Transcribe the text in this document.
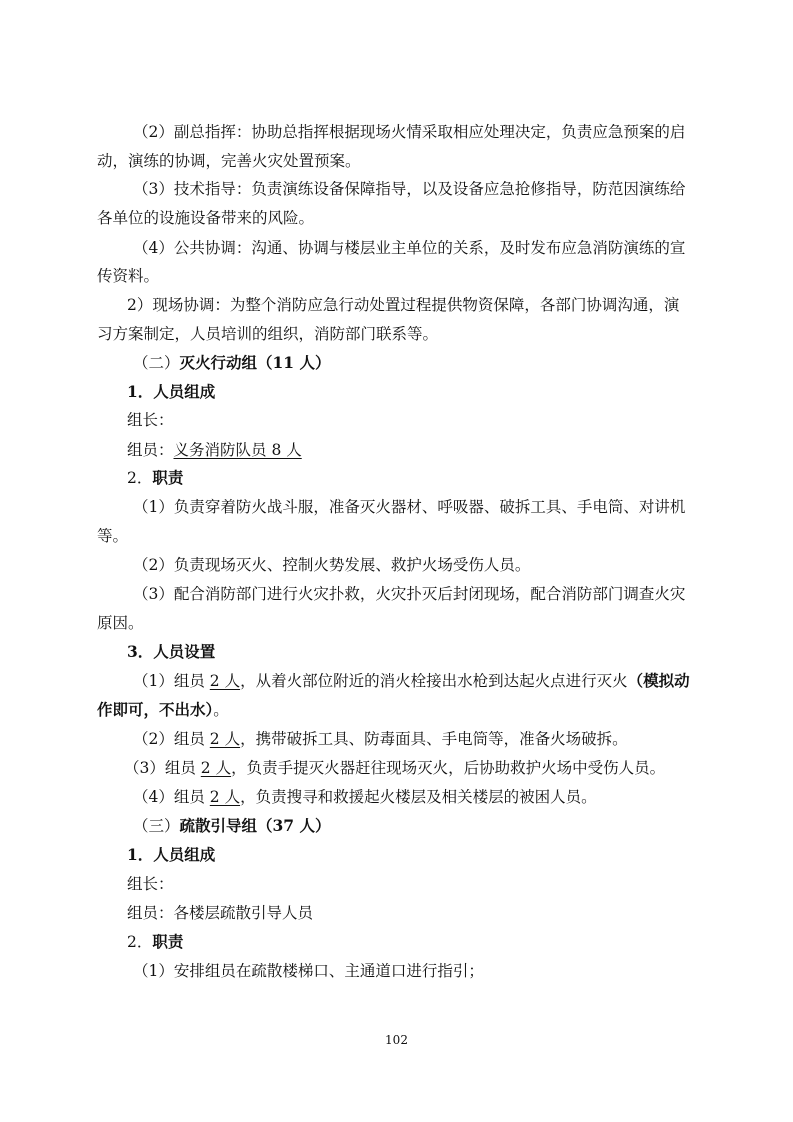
（2）副总指挥：协助总指挥根据现场火情采取相应处理决定，负责应急预案的启
动，演练的协调，完善火灾处置预案。
（3）技术指导：负责演练设备保障指导，以及设备应急抢修指导，防范因演练给
各单位的设施设备带来的风险。
（4）公共协调：沟通、协调与楼层业主单位的关系，及时发布应急消防演练的宣
传资料。
2）现场协调：为整个消防应急行动处置过程提供物资保障，各部门协调沟通，演
习方案制定，人员培训的组织，消防部门联系等。
（二）灭火行动组（11 人）
1．人员组成
组长：
组员：义务消防队员 8 人
2．职责
（1）负责穿着防火战斗服，准备灭火器材、呼吸器、破拆工具、手电筒、对讲机
等。
（2）负责现场灭火、控制火势发展、救护火场受伤人员。
（3）配合消防部门进行火灾扑救，火灾扑灭后封闭现场，配合消防部门调查火灾
原因。
3．人员设置
（1）组员 2 人，从着火部位附近的消火栓接出水枪到达起火点进行灭火（模拟动
作即可，不出水）。
（2）组员 2 人，携带破拆工具、防毒面具、手电筒等，准备火场破拆。
（3）组员 2 人，负责手提灭火器赶往现场灭火，后协助救护火场中受伤人员。
（4）组员 2 人，负责搜寻和救援起火楼层及相关楼层的被困人员。
（三）疏散引导组（37 人）
1．人员组成
组长：
组员：各楼层疏散引导人员
2．职责
（1）安排组员在疏散楼梯口、主通道口进行指引；
102
